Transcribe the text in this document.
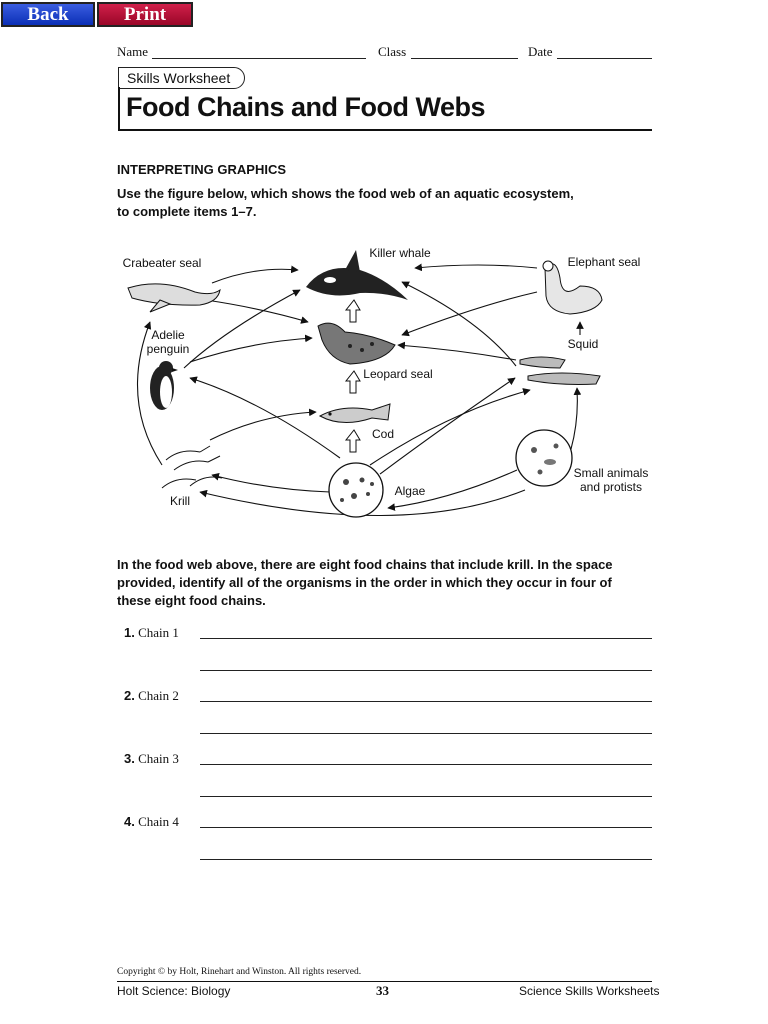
Back	Print
Name	Class	Date
Skills Worksheet
Food Chains and Food Webs
INTERPRETING GRAPHICS
Use the figure below, which shows the food web of an aquatic ecosystem,
to complete items 1–7.
Killer whale
Crabeater seal	Elephant seal
Adelie
penguin
Leopard seal
Squid
Cod
Krill
Algae
Small animals
and protists
In the food web above, there are eight food chains that include krill. In the space
provided, identify all of the organisms in the order in which they occur in four of
these eight food chains.
1. Chain 1
2. Chain 2
3. Chain 3
4. Chain 4
Copyright © by Holt, Rinehart and Winston. All rights reserved.
Holt Science: Biology	33	Science Skills Worksheets
